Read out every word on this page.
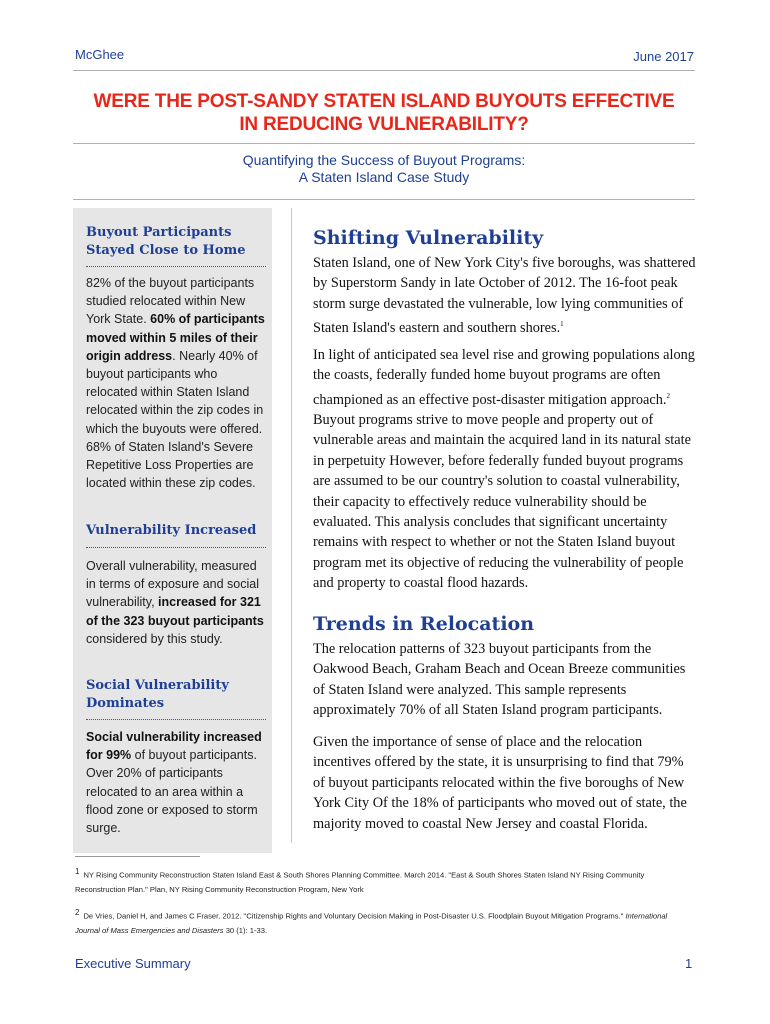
McGhee	June 2017
WERE THE POST-SANDY STATEN ISLAND BUYOUTS EFFECTIVE
IN REDUCING VULNERABILITY?
Quantifying the Success of Buyout Programs:
A Staten Island Case Study
Buyout Participants
Stayed Close to Home
82% of the buyout participants studied relocated within New York State. 60% of participants moved within 5 miles of their origin address. Nearly 40% of buyout participants who relocated within Staten Island relocated within the zip codes in which the buyouts were offered. 68% of Staten Island's Severe Repetitive Loss Properties are located within these zip codes.
Vulnerability Increased
Overall vulnerability, measured in terms of exposure and social vulnerability, increased for 321 of the 323 buyout participants considered by this study.
Social Vulnerability
Dominates
Social vulnerability increased for 99% of buyout participants. Over 20% of participants relocated to an area within a flood zone or exposed to storm surge.
Shifting Vulnerability
Staten Island, one of New York City's five boroughs, was shattered by Superstorm Sandy in late October of 2012. The 16-foot peak storm surge devastated the vulnerable, low lying communities of Staten Island's eastern and southern shores.$^1$
In light of anticipated sea level rise and growing populations along the coasts, federally funded home buyout programs are often championed as an effective post-disaster mitigation approach.$^2$ Buyout programs strive to move people and property out of vulnerable areas and maintain the acquired land in its natural state in perpetuity However, before federally funded buyout programs are assumed to be our country's solution to coastal vulnerability, their capacity to effectively reduce vulnerability should be evaluated. This analysis concludes that significant uncertainty remains with respect to whether or not the Staten Island buyout program met its objective of reducing the vulnerability of people and property to coastal flood hazards.
Trends in Relocation
The relocation patterns of 323 buyout participants from the Oakwood Beach, Graham Beach and Ocean Breeze communities of Staten Island were analyzed. This sample represents approximately 70% of all Staten Island program participants.
Given the importance of sense of place and the relocation incentives offered by the state, it is unsurprising to find that 79% of buyout participants relocated within the five boroughs of New York City Of the 18% of participants who moved out of state, the majority moved to coastal New Jersey and coastal Florida.
1 NY Rising Community Reconstruction Staten Island East & South Shores Planning Committee. March 2014. "East & South Shores Staten Island NY Rising Community Reconstruction Plan." Plan, NY Rising Community Reconstruction Program, New York
2 De Vries, Daniel H, and James C Fraser. 2012. "Citizenship Rights and Voluntary Decision Making in Post-Disaster U.S. Floodplain Buyout Mitigation Programs." International Journal of Mass Emergencies and Disasters 30 (1): 1-33.
Executive Summary	1
